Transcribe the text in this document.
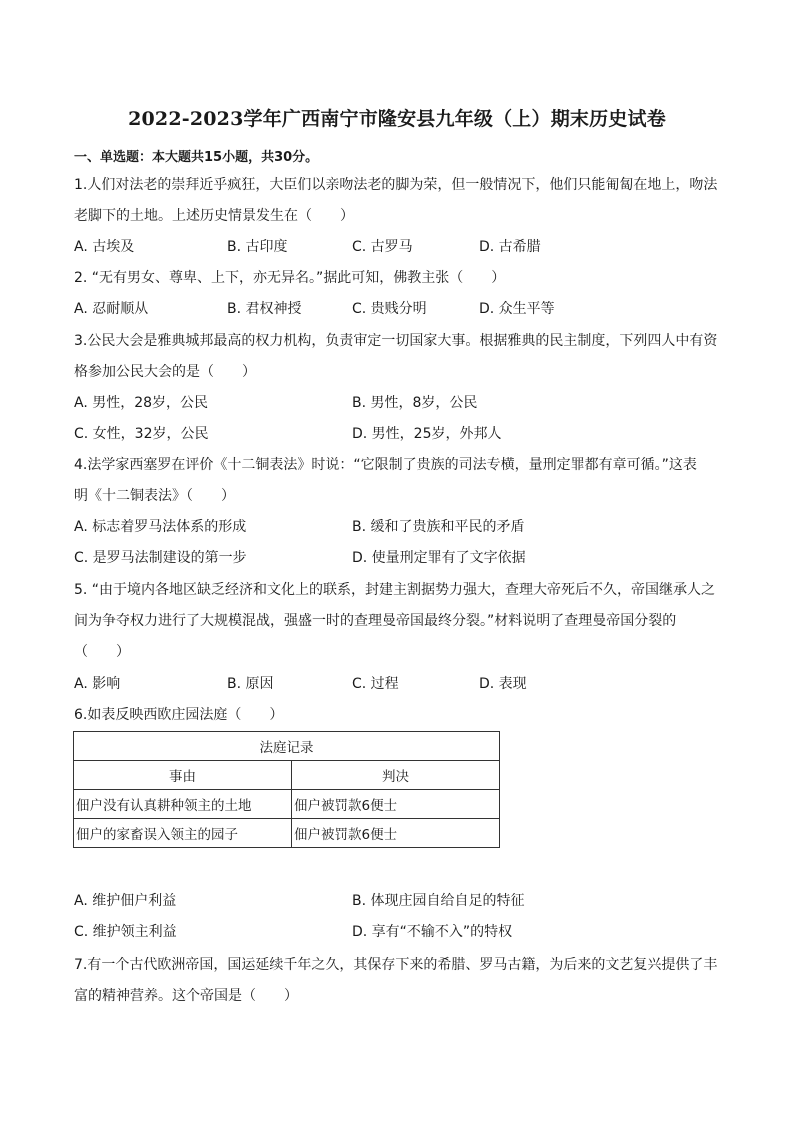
2022-2023学年广西南宁市隆安县九年级（上）期末历史试卷
一、单选题：本大题共15小题，共30分。
1.人们对法老的崇拜近乎疯狂，大臣们以亲吻法老的脚为荣，但一般情况下，他们只能匍匐在地上，吻法
老脚下的土地。上述历史情景发生在（　　）
A. 古埃及	B. 古印度	C. 古罗马	D. 古希腊
2. “无有男女、尊卑、上下，亦无异名。”据此可知，佛教主张（　　）
A. 忍耐顺从	B. 君权神授	C. 贵贱分明	D. 众生平等
3.公民大会是雅典城邦最高的权力机构，负责审定一切国家大事。根据雅典的民主制度，下列四人中有资
格参加公民大会的是（　　）
A. 男性，28岁，公民	B. 男性，8岁，公民
C. 女性，32岁，公民	D. 男性，25岁，外邦人
4.法学家西塞罗在评价《十二铜表法》时说：“它限制了贵族的司法专横，量刑定罪都有章可循。”这表
明《十二铜表法》（　　）
A. 标志着罗马法体系的形成	B. 缓和了贵族和平民的矛盾
C. 是罗马法制建设的第一步	D. 使量刑定罪有了文字依据
5. “由于境内各地区缺乏经济和文化上的联系，封建主割据势力强大，查理大帝死后不久，帝国继承人之
间为争夺权力进行了大规模混战，强盛一时的查理曼帝国最终分裂。”材料说明了查理曼帝国分裂的
（　　）
A. 影响	B. 原因	C. 过程	D. 表现
6.如表反映西欧庄园法庭（　　）
法庭记录	
事由	判决
佃户没有认真耕种领主的土地	佃户被罚款6便士
佃户的家畜误入领主的园子	佃户被罚款6便士
A. 维护佃户利益	B. 体现庄园自给自足的特征
C. 维护领主利益	D. 享有“不输不入”的特权
7.有一个古代欧洲帝国，国运延续千年之久，其保存下来的希腊、罗马古籍，为后来的文艺复兴提供了丰
富的精神营养。这个帝国是（　　）
